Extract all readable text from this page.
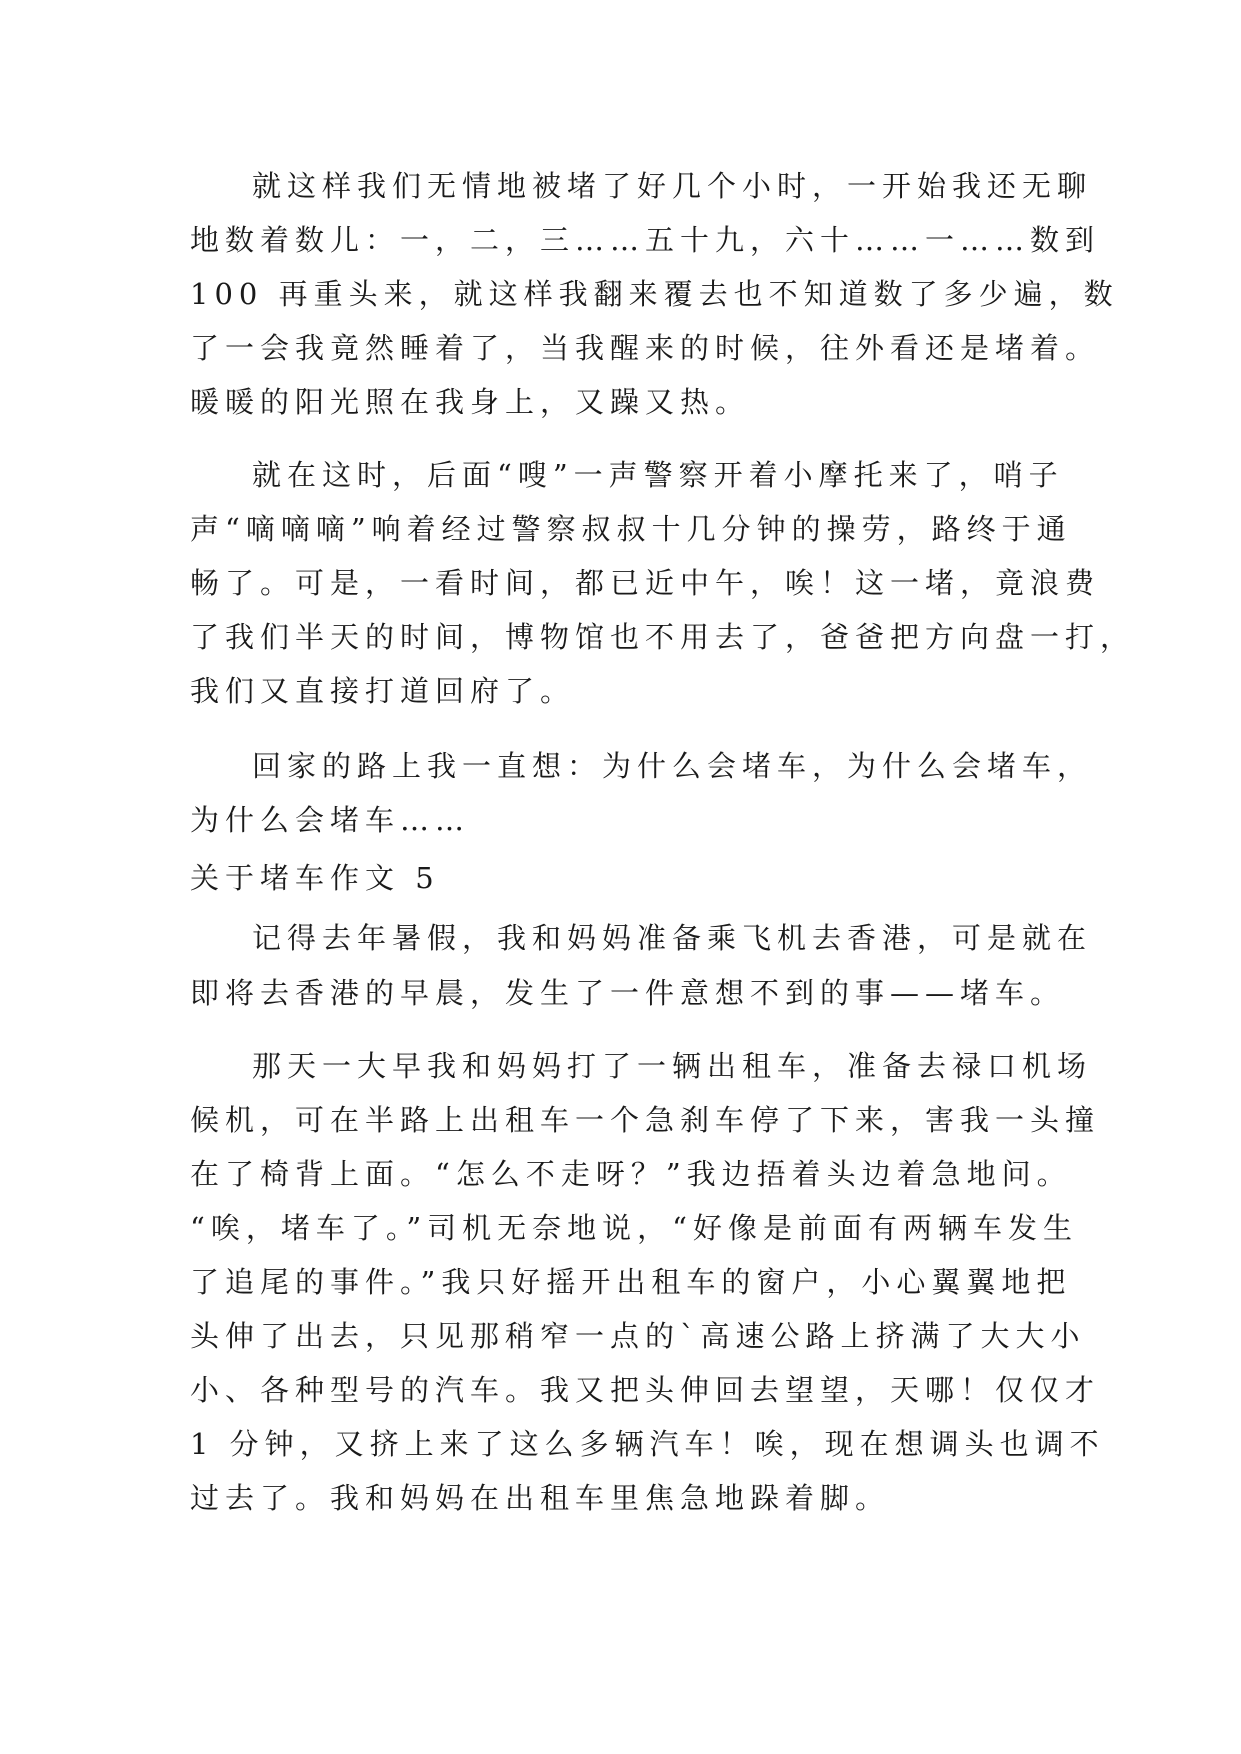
就这样我们无情地被堵了好几个小时，一开始我还无聊
地数着数儿：一，二，三……五十九，六十……一……数到
100 再重头来，就这样我翻来覆去也不知道数了多少遍，数
了一会我竟然睡着了，当我醒来的时候，往外看还是堵着。
暖暖的阳光照在我身上，又躁又热。
就在这时，后面“嗖”一声警察开着小摩托来了，哨子
声“嘀嘀嘀”响着经过警察叔叔十几分钟的操劳，路终于通
畅了。可是，一看时间，都已近中午，唉！这一堵，竟浪费
了我们半天的时间，博物馆也不用去了，爸爸把方向盘一打，
我们又直接打道回府了。
回家的路上我一直想：为什么会堵车，为什么会堵车，
为什么会堵车……
关于堵车作文 5
记得去年暑假，我和妈妈准备乘飞机去香港，可是就在
即将去香港的早晨，发生了一件意想不到的事——堵车。
那天一大早我和妈妈打了一辆出租车，准备去禄口机场
候机，可在半路上出租车一个急刹车停了下来，害我一头撞
在了椅背上面。“怎么不走呀？”我边捂着头边着急地问。
“唉，堵车了。”司机无奈地说，“好像是前面有两辆车发生
了追尾的事件。”我只好摇开出租车的窗户，小心翼翼地把
头伸了出去，只见那稍窄一点的`高速公路上挤满了大大小
小、各种型号的汽车。我又把头伸回去望望，天哪！仅仅才
1 分钟，又挤上来了这么多辆汽车！唉，现在想调头也调不
过去了。我和妈妈在出租车里焦急地跺着脚。
